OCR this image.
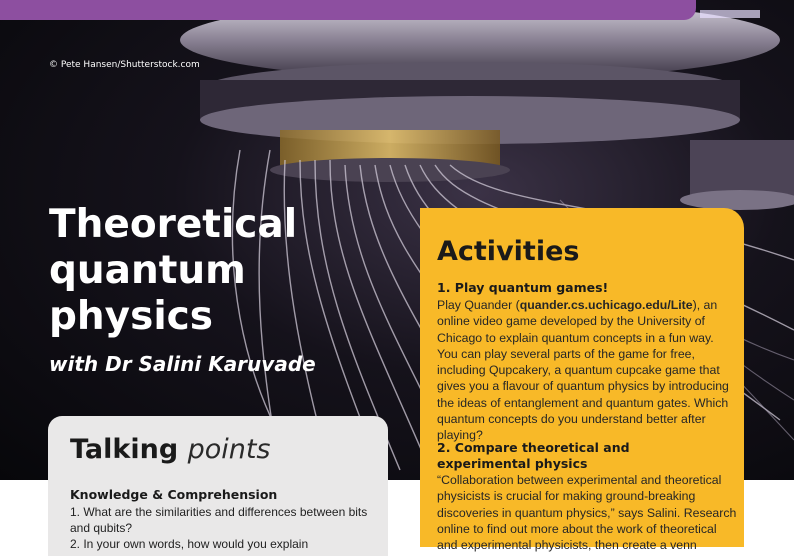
© Pete Hansen/Shutterstock.com
Theoretical quantum physics
with Dr Salini Karuvade
Talking points
Knowledge & Comprehension
1. What are the similarities and differences between bits and qubits?
2. In your own words, how would you explain
Activities
1. Play quantum games!

Play Quander (quander.cs.uchicago.edu/Lite), an online video game developed by the University of Chicago to explain quantum concepts in a fun way. You can play several parts of the game for free, including Qupcakery, a quantum cupcake game that gives you a flavour of quantum physics by introducing the ideas of entanglement and quantum gates. Which quantum concepts do you understand better after playing?

2. Compare theoretical and experimental physics

“Collaboration between experimental and theoretical physicists is crucial for making ground-breaking discoveries in quantum physics,” says Salini. Research online to find out more about the work of theoretical and experimental physicists, then create a venn
